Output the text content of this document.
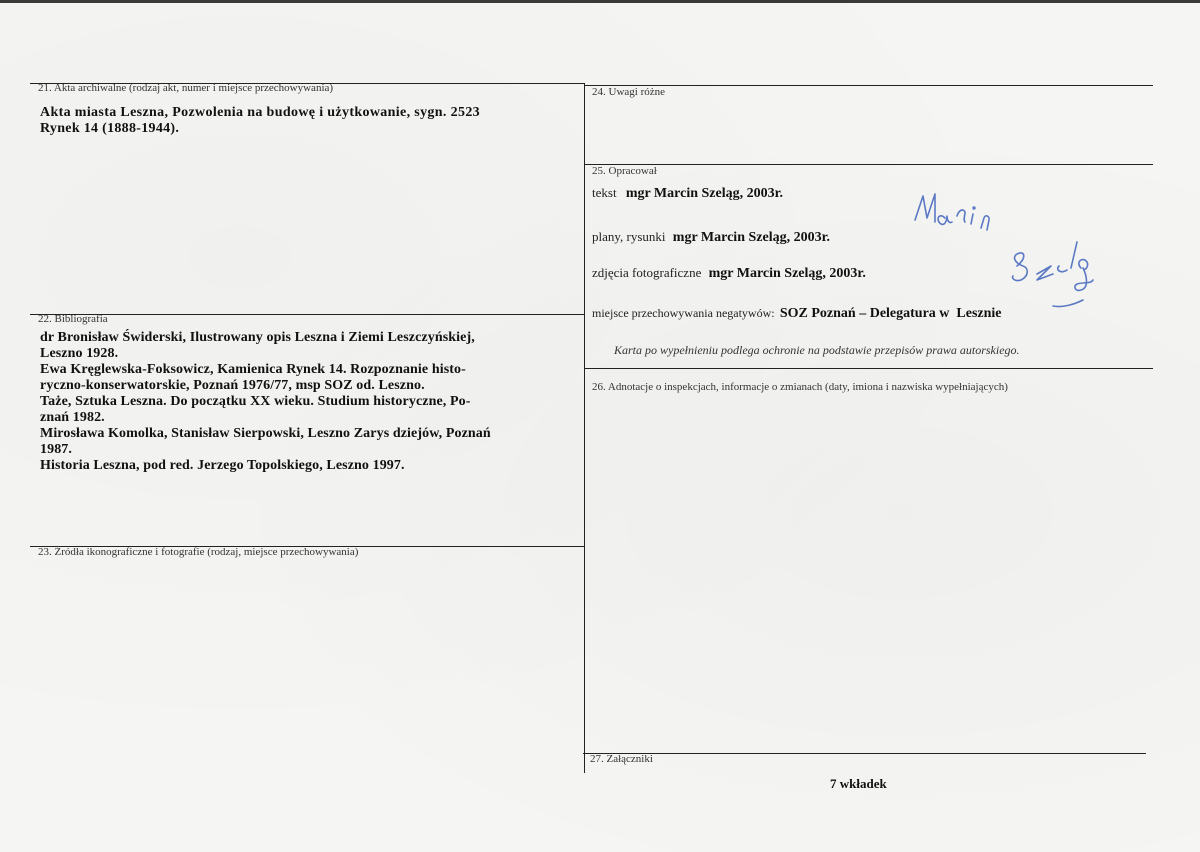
21. Akta archiwalne (rodzaj akt, numer i miejsce przechowywania)
Akta miasta Leszna, Pozwolenia na budowę i użytkowanie, sygn. 2523
Rynek 14 (1888-1944).
24. Uwagi różne
25. Opracował
tekst mgr Marcin Szeląg, 2003r.
plany, rysunki mgr Marcin Szeląg, 2003r.
zdjęcia fotograficzne mgr Marcin Szeląg, 2003r.
miejsce przechowywania negatywów: SOZ Poznań – Delegatura w  Lesznie
Karta po wypełnieniu podlega ochronie na podstawie przepisów prawa autorskiego.
22. Bibliografia
dr Bronisław Świderski, Ilustrowany opis Leszna i Ziemi Leszczyńskiej,
Leszno 1928.
Ewa Kręglewska-Foksowicz, Kamienica Rynek 14. Rozpoznanie histo-
ryczno-konserwatorskie, Poznań 1976/77, msp SOZ od. Leszno.
Taże, Sztuka Leszna. Do początku XX wieku. Studium historyczne, Po-
znań 1982.
Mirosława Komolka, Stanisław Sierpowski, Leszno Zarys dziejów, Poznań
1987.
Historia Leszna, pod red. Jerzego Topolskiego, Leszno 1997.
26. Adnotacje o inspekcjach, informacje o zmianach (daty, imiona i nazwiska wypełniających)
23. Źródła ikonograficzne i fotografie (rodzaj, miejsce przechowywania)
27. Załączniki
7 wkładek
